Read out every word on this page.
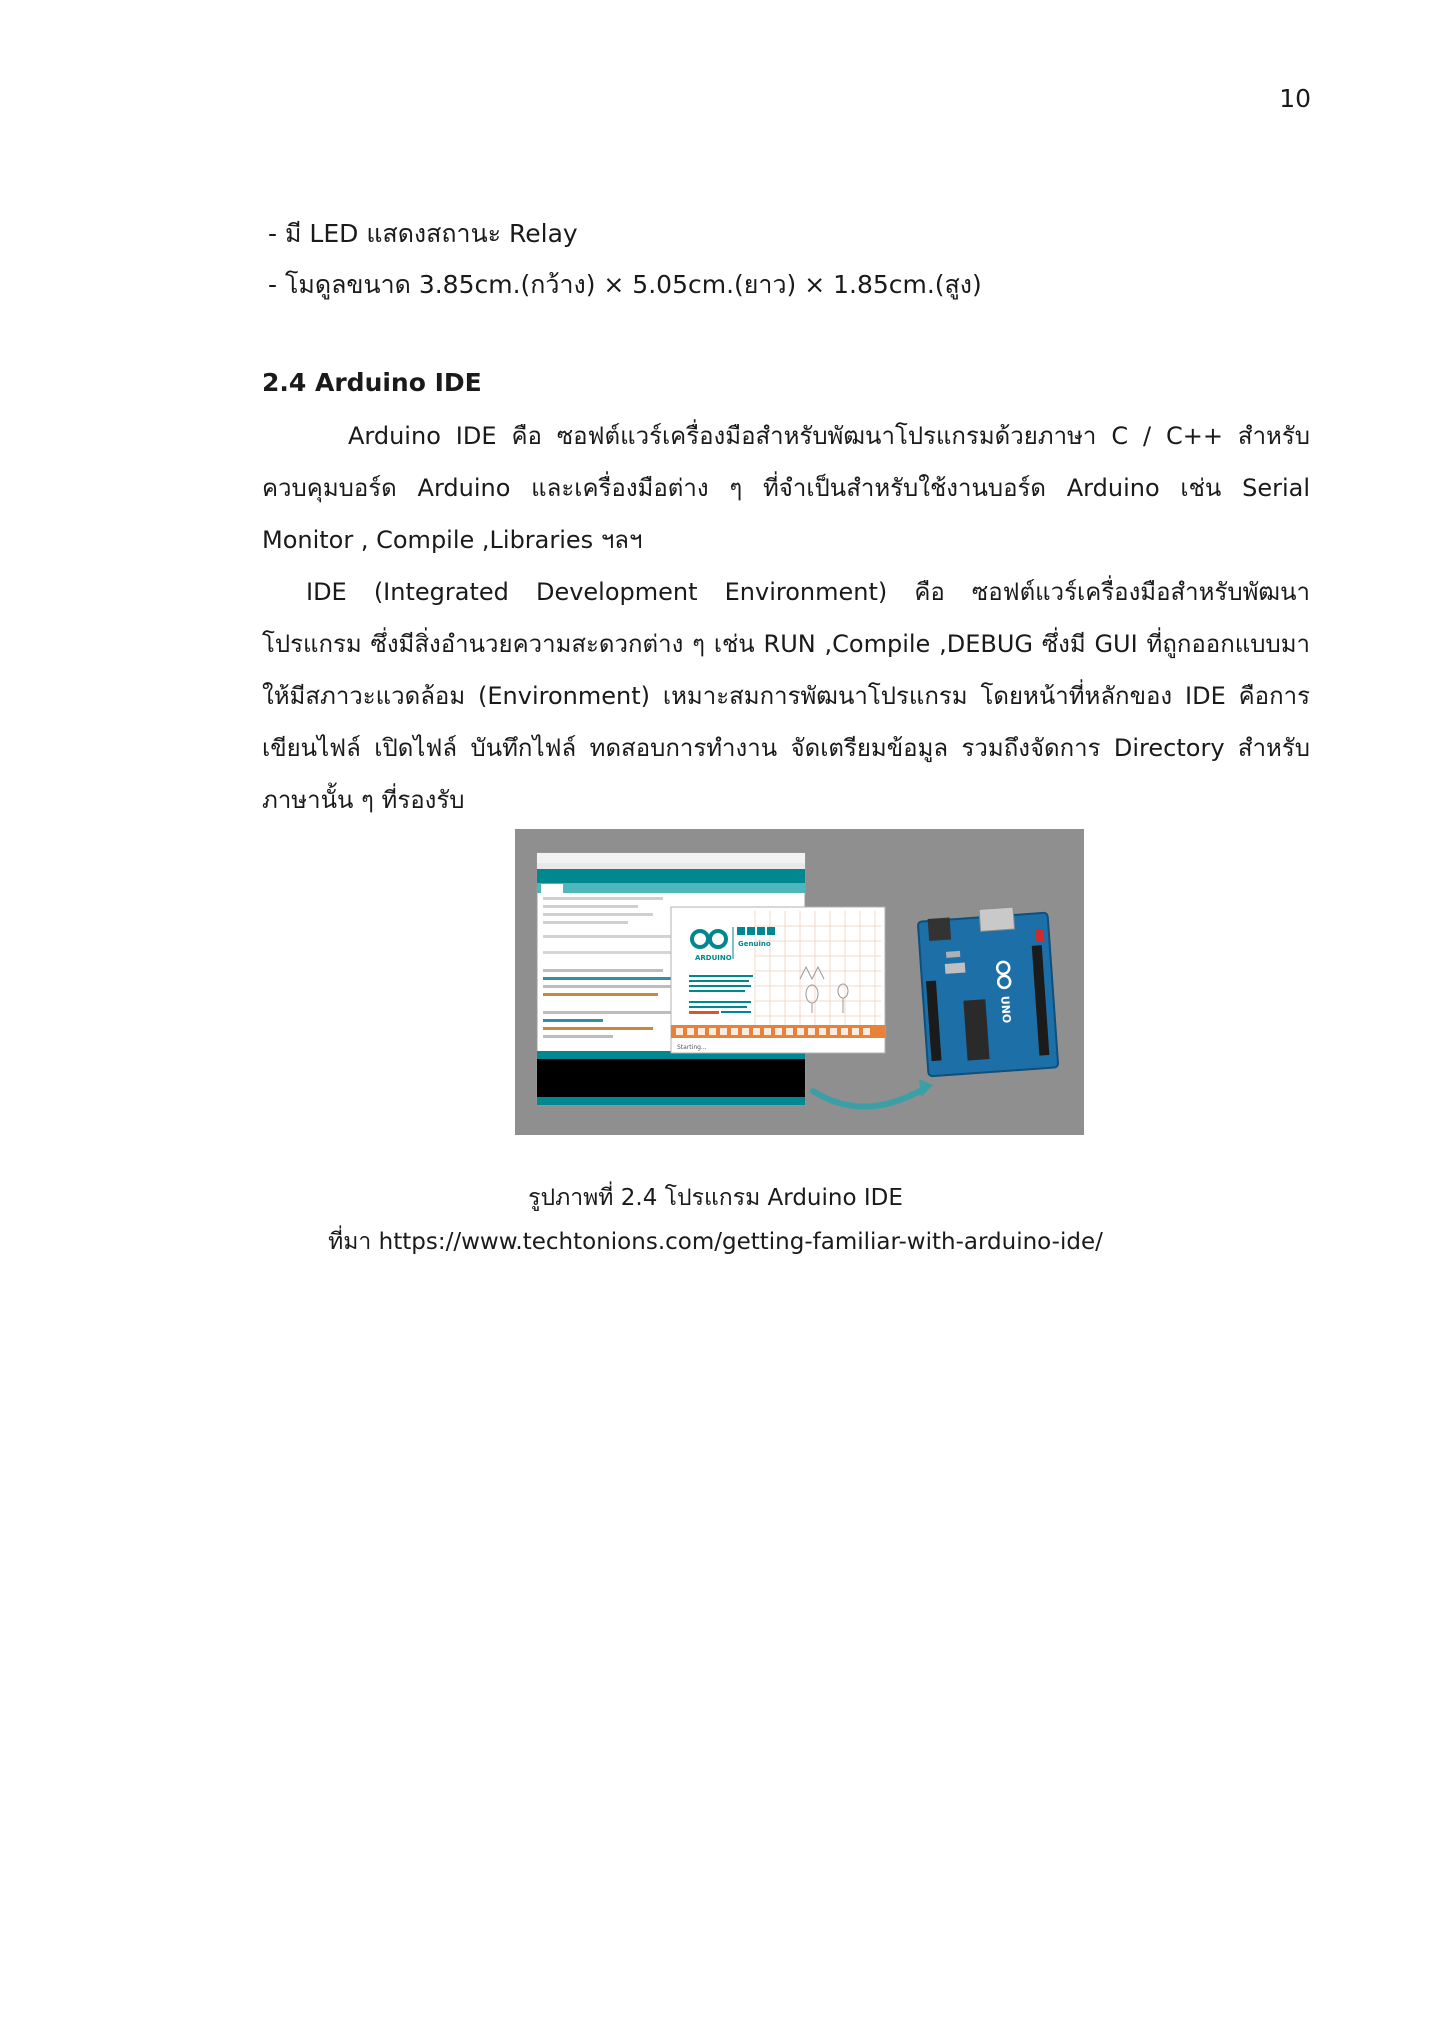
10
- มี LED แสดงสถานะ Relay
- โมดูลขนาด 3.85cm.(กว้าง) × 5.05cm.(ยาว) × 1.85cm.(สูง)
2.4 Arduino IDE
Arduino IDE คือ ซอฟต์แวร์เครื่องมือสำหรับพัฒนาโปรแกรมด้วยภาษา C / C++ สำหรับควบคุมบอร์ด Arduino และเครื่องมือต่าง ๆ ที่จำเป็นสำหรับใช้งานบอร์ด Arduino เช่น Serial Monitor , Compile ,Libraries ฯลฯ
IDE (Integrated Development Environment) คือ ซอฟต์แวร์เครื่องมือสำหรับพัฒนาโปรแกรม ซึ่งมีสิ่งอำนวยความสะดวกต่าง ๆ เช่น RUN ,Compile ,DEBUG ซึ่งมี GUI ที่ถูกออกแบบมาให้มีสภาวะแวดล้อม (Environment) เหมาะสมการพัฒนาโปรแกรม โดยหน้าที่หลักของ IDE คือการเขียนไฟล์ เปิดไฟล์ บันทึกไฟล์ ทดสอบการทำงาน จัดเตรียมข้อมูล รวมถึงจัดการ Directory สำหรับภาษานั้น ๆ ที่รองรับ
ARDUINO
Genuino
Starting...
UNO
รูปภาพที่ 2.4 โปรแกรม Arduino IDE
ที่มา https://www.techtonions.com/getting-familiar-with-arduino-ide/
